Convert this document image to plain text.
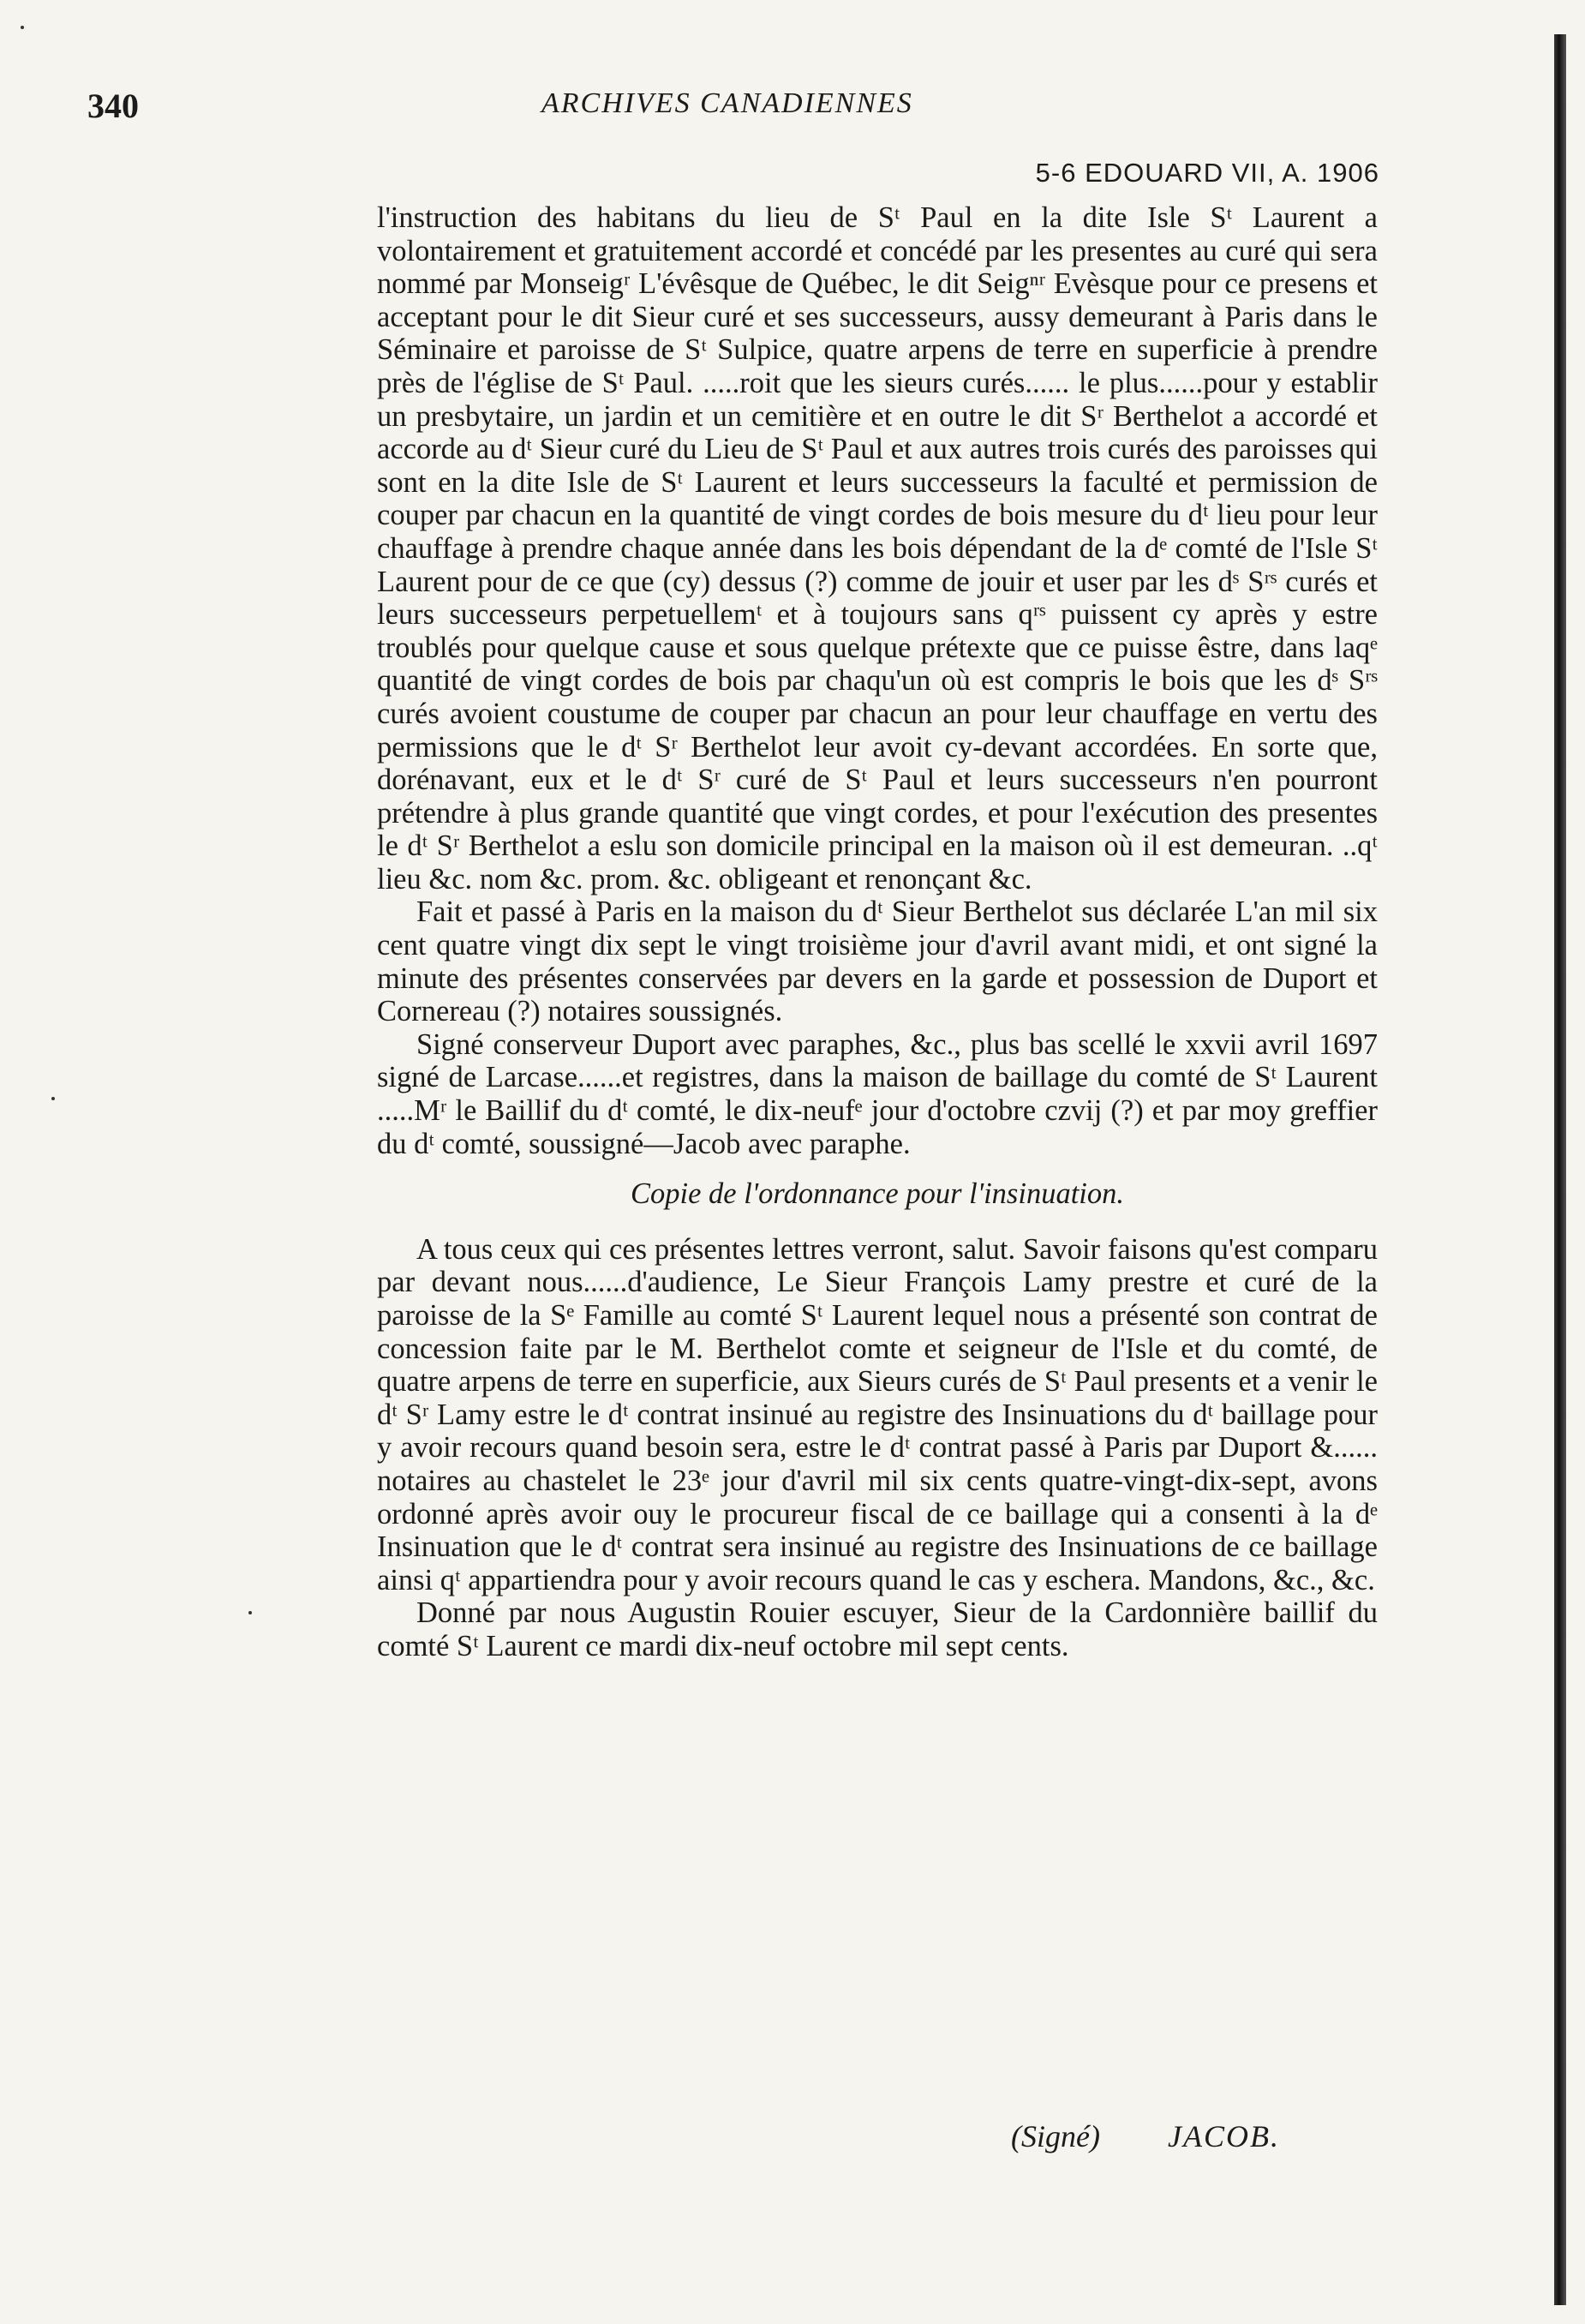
340	ARCHIVES CANADIENNES
5-6 EDOUARD VII, A. 1906

l'instruction des habitans du lieu de Sᵗ Paul en la dite Isle Sᵗ Laurent a volontairement et gratuitement accordé et concédé par les presentes au curé qui sera nommé par Monseigʳ L'évêsque de Québec, le dit Seigⁿʳ Evèsque pour ce presens et acceptant pour le dit Sieur curé et ses successeurs, aussy demeurant à Paris dans le Séminaire et paroisse de Sᵗ Sulpice, quatre arpens de terre en superficie à prendre près de l'église de Sᵗ Paul. .....roit que les sieurs curés...... le plus......pour y establir un presbytaire, un jardin et un cemitière et en outre le dit Sʳ Berthelot a accordé et accorde au dᵗ Sieur curé du Lieu de Sᵗ Paul et aux autres trois curés des paroisses qui sont en la dite Isle de Sᵗ Laurent et leurs successeurs la faculté et permission de couper par chacun en la quantité de vingt cordes de bois mesure du dᵗ lieu pour leur chauffage à prendre chaque année dans les bois dépendant de la dᵉ comté de l'Isle Sᵗ Laurent pour de ce que (cy) dessus (?) comme de jouir et user par les dˢ Sʳˢ curés et leurs successeurs perpetuellemᵗ et à toujours sans qʳˢ puissent cy après y estre troublés pour quelque cause et sous quelque prétexte que ce puisse êstre, dans laqᵉ quantité de vingt cordes de bois par chaqu'un où est compris le bois que les dˢ Sʳˢ curés avoient coustume de couper par chacun an pour leur chauffage en vertu des permissions que le dᵗ Sʳ Berthelot leur avoit cy-devant accordées. En sorte que, dorénavant, eux et le dᵗ Sʳ curé de Sᵗ Paul et leurs successeurs n'en pourront prétendre à plus grande quantité que vingt cordes, et pour l'exécution des presentes le dᵗ Sʳ Berthelot a eslu son domicile principal en la maison où il est demeuran. ..qᵗ lieu &c. nom &c. prom. &c. obligeant et renonçant &c.

Fait et passé à Paris en la maison du dᵗ Sieur Berthelot sus déclarée L'an mil six cent quatre vingt dix sept le vingt troisième jour d'avril avant midi, et ont signé la minute des présentes conservées par devers en la garde et possession de Duport et Cornereau (?) notaires soussignés.

Signé conserveur Duport avec paraphes, &c., plus bas scellé le xxvii avril 1697 signé de Larcase......et registres, dans la maison de baillage du comté de Sᵗ Laurent .....Mʳ le Baillif du dᵗ comté, le dix-neufᵉ jour d'octobre czvij (?) et par moy greffier du dᵗ comté, soussigné—Jacob avec paraphe.

Copie de l'ordonnance pour l'insinuation.

A tous ceux qui ces présentes lettres verront, salut. Savoir faisons qu'est comparu par devant nous......d'audience, Le Sieur François Lamy prestre et curé de la paroisse de la Sᵉ Famille au comté Sᵗ Laurent lequel nous a présenté son contrat de concession faite par le M. Berthelot comte et seigneur de l'Isle et du comté, de quatre arpens de terre en superficie, aux Sieurs curés de Sᵗ Paul presents et a venir le dᵗ Sʳ Lamy estre le dᵗ contrat insinué au registre des Insinuations du dᵗ baillage pour y avoir recours quand besoin sera, estre le dᵗ contrat passé à Paris par Duport &...... notaires au chastelet le 23ᵉ jour d'avril mil six cents quatre-vingt-dix-sept, avons ordonné après avoir ouy le procureur fiscal de ce baillage qui a consenti à la dᵉ Insinuation que le dᵗ contrat sera insinué au registre des Insinuations de ce baillage ainsi qᵗ appartiendra pour y avoir recours quand le cas y eschera. Mandons, &c., &c.

Donné par nous Augustin Rouier escuyer, Sieur de la Cardonnière baillif du comté Sᵗ Laurent ce mardi dix-neuf octobre mil sept cents.

(Signé) JACOB.
